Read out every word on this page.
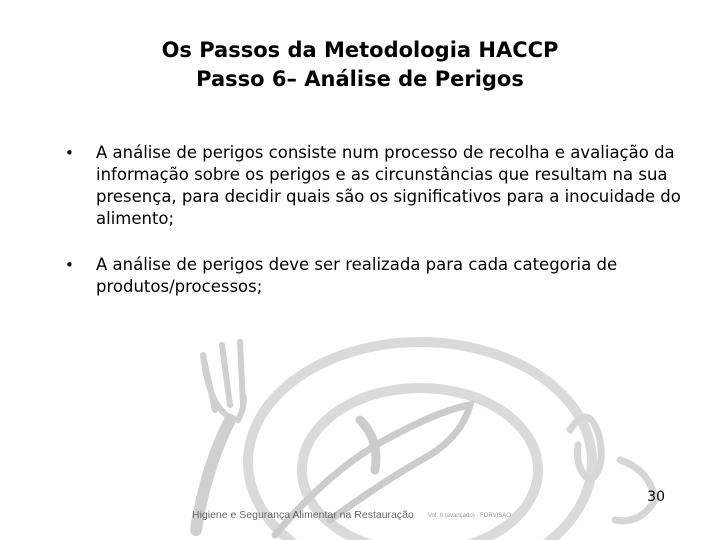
Os Passos da Metodologia HACCP
Passo 6– Análise de Perigos
• A análise de perigos consiste num processo de recolha e avaliação da informação sobre os perigos e as circunstâncias que resultam na sua presença, para decidir quais são os significativos para a inocuidade do alimento;
• A análise de perigos deve ser realizada para cada categoria de produtos/processos;
30
Higiene e Segurança Alimentar na Restauração Vol. II (avançado) · FORVISAO
